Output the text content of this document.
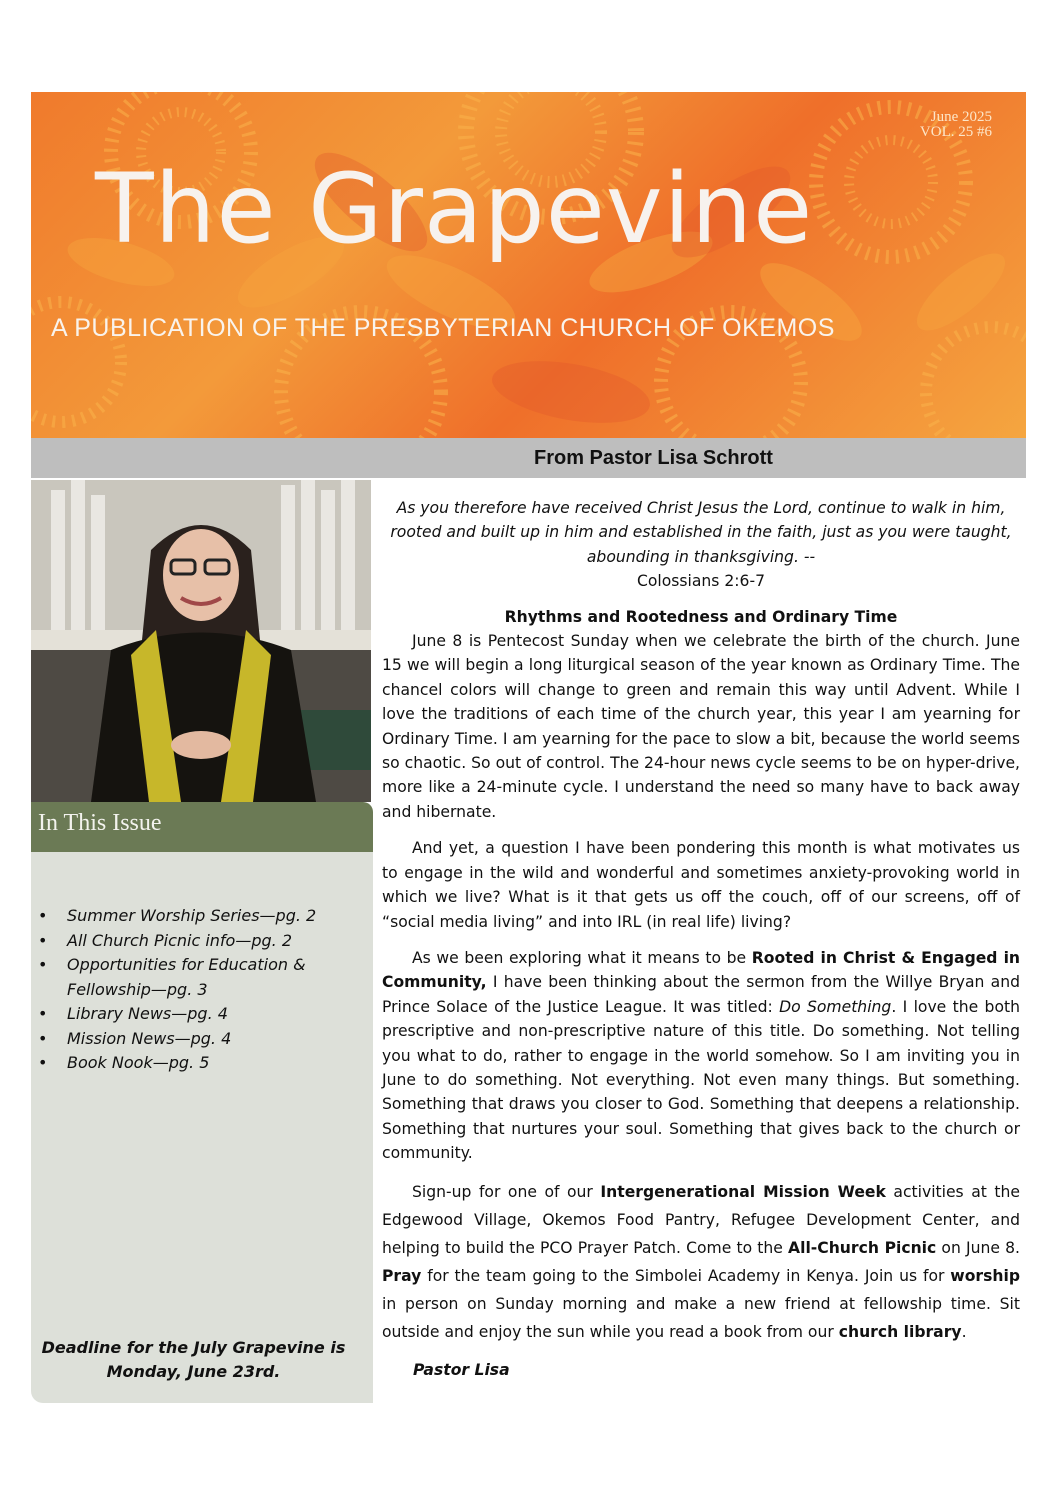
June 2025
VOL. 25 #6
The Grapevine
A PUBLICATION OF THE PRESBYTERIAN CHURCH OF OKEMOS
From Pastor Lisa Schrott
In This Issue
• Summer Worship Series—pg. 2
• All Church Picnic info—pg. 2
• Opportunities for Education & Fellowship—pg. 3
• Library News—pg. 4
• Mission News—pg. 4
• Book Nook—pg. 5
Deadline for the July Grapevine is Monday, June 23rd.

As you therefore have received Christ Jesus the Lord, continue to walk in him, rooted and built up in him and established in the faith, just as you were taught, abounding in thanksgiving. --
Colossians 2:6-7

Rhythms and Rootedness and Ordinary Time

June 8 is Pentecost Sunday when we celebrate the birth of the church. June 15 we will begin a long liturgical season of the year known as Ordinary Time. The chancel colors will change to green and remain this way until Advent. While I love the traditions of each time of the church year, this year I am yearning for Ordinary Time. I am yearning for the pace to slow a bit, because the world seems so chaotic. So out of control. The 24-hour news cycle seems to be on hyper-drive, more like a 24-minute cycle. I understand the need so many have to back away and hibernate.

And yet, a question I have been pondering this month is what motivates us to engage in the wild and wonderful and sometimes anxiety-provoking world in which we live? What is it that gets us off the couch, off of our screens, off of “social media living” and into IRL (in real life) living?

As we been exploring what it means to be Rooted in Christ & Engaged in Community, I have been thinking about the sermon from the Willye Bryan and Prince Solace of the Justice League. It was titled: Do Something. I love the both prescriptive and non-prescriptive nature of this title. Do something. Not telling you what to do, rather to engage in the world somehow. So I am inviting you in June to do something. Not everything. Not even many things. But something. Something that draws you closer to God. Something that deepens a relationship. Something that nurtures your soul. Something that gives back to the church or community.

Sign-up for one of our Intergenerational Mission Week activities at the Edgewood Village, Okemos Food Pantry, Refugee Development Center, and helping to build the PCO Prayer Patch. Come to the All-Church Picnic on June 8. Pray for the team going to the Simbolei Academy in Kenya. Join us for worship in person on Sunday morning and make a new friend at fellowship time. Sit outside and enjoy the sun while you read a book from our church library.

Pastor Lisa
